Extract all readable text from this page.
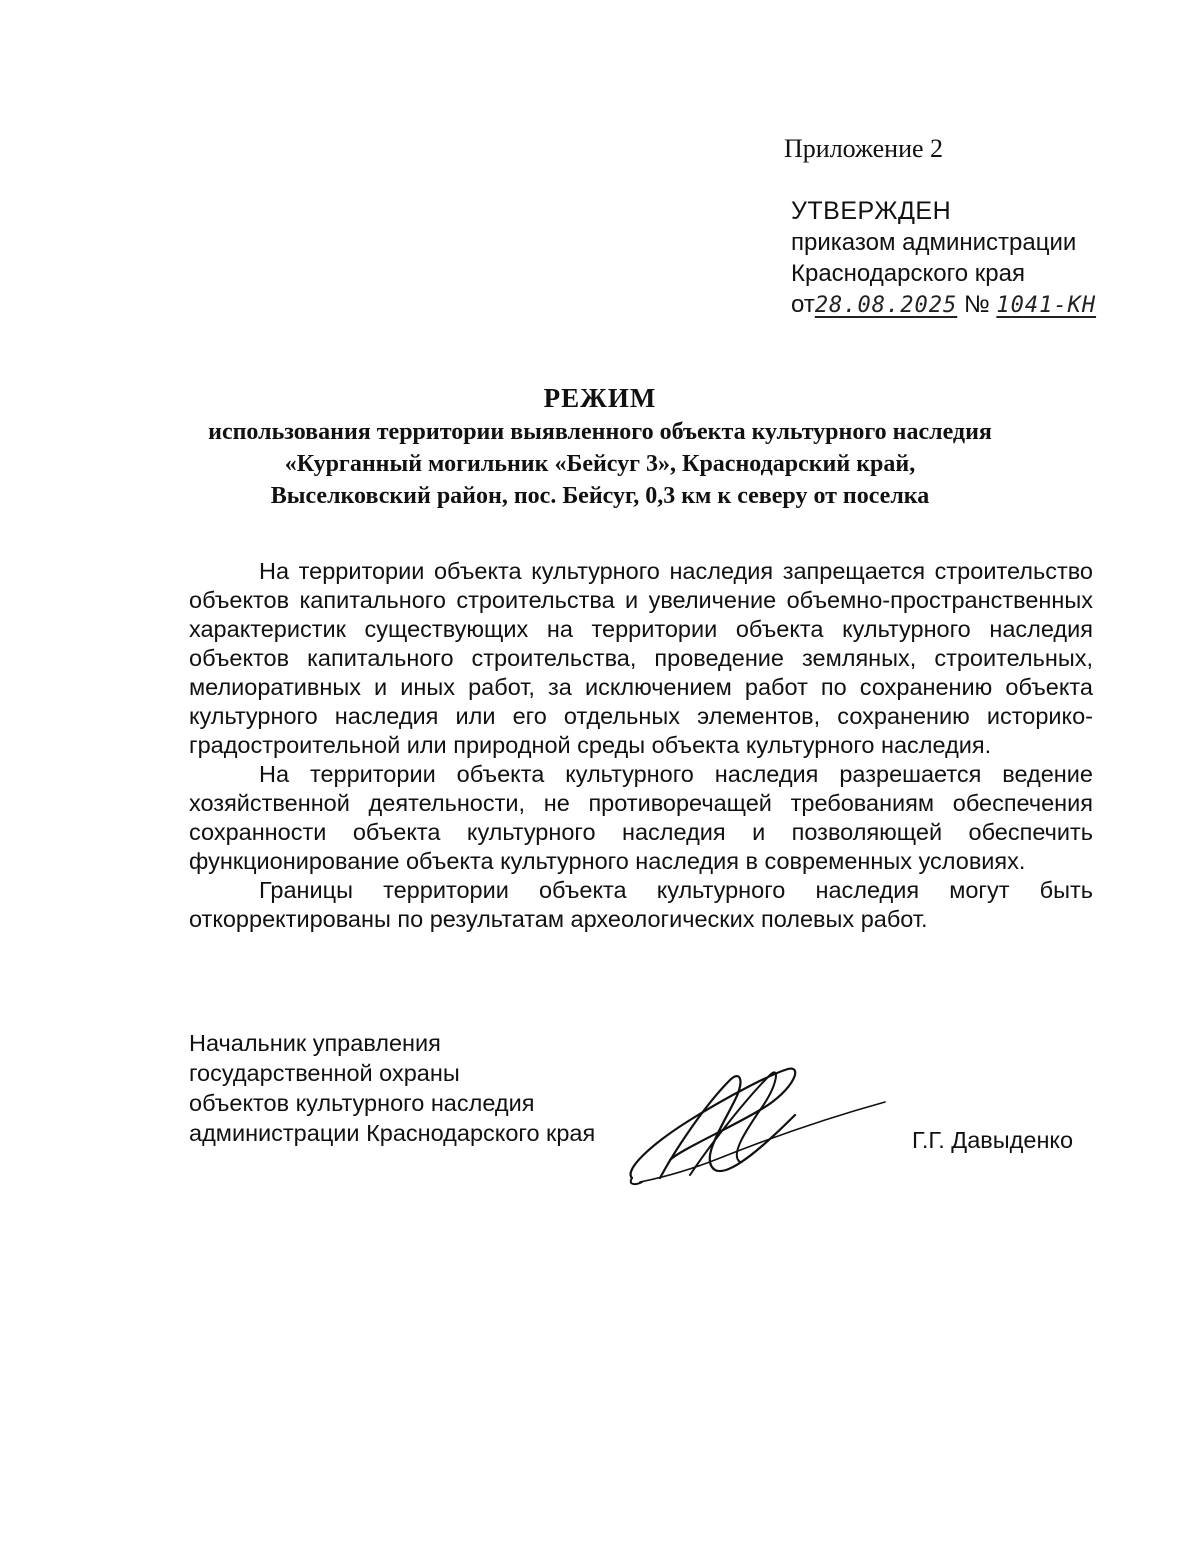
Приложение 2
УТВЕРЖДЕН
приказом администрации
Краснодарского края
от28.08.2025 № 1041-КН
РЕЖИМ
использования территории выявленного объекта культурного наследия
«Курганный могильник «Бейсуг 3», Краснодарский край,
Выселковский район, пос. Бейсуг, 0,3 км к северу от поселка

На территории объекта культурного наследия запрещается строительство объектов капитального строительства и увеличение объемно-пространственных характеристик существующих на территории объекта культурного наследия объектов капитального строительства, проведение земляных, строительных, мелиоративных и иных работ, за исключением работ по сохранению объекта культурного наследия или его отдельных элементов, сохранению историко-градостроительной или природной среды объекта культурного наследия.

На территории объекта культурного наследия разрешается ведение хозяйственной деятельности, не противоречащей требованиям обеспечения сохранности объекта культурного наследия и позволяющей обеспечить функционирование объекта культурного наследия в современных условиях.

Границы территории объекта культурного наследия могут быть откорректированы по результатам археологических полевых работ.

Начальник управления
государственной охраны
объектов культурного наследия
администрации Краснодарского края	Г.Г. Давыденко
